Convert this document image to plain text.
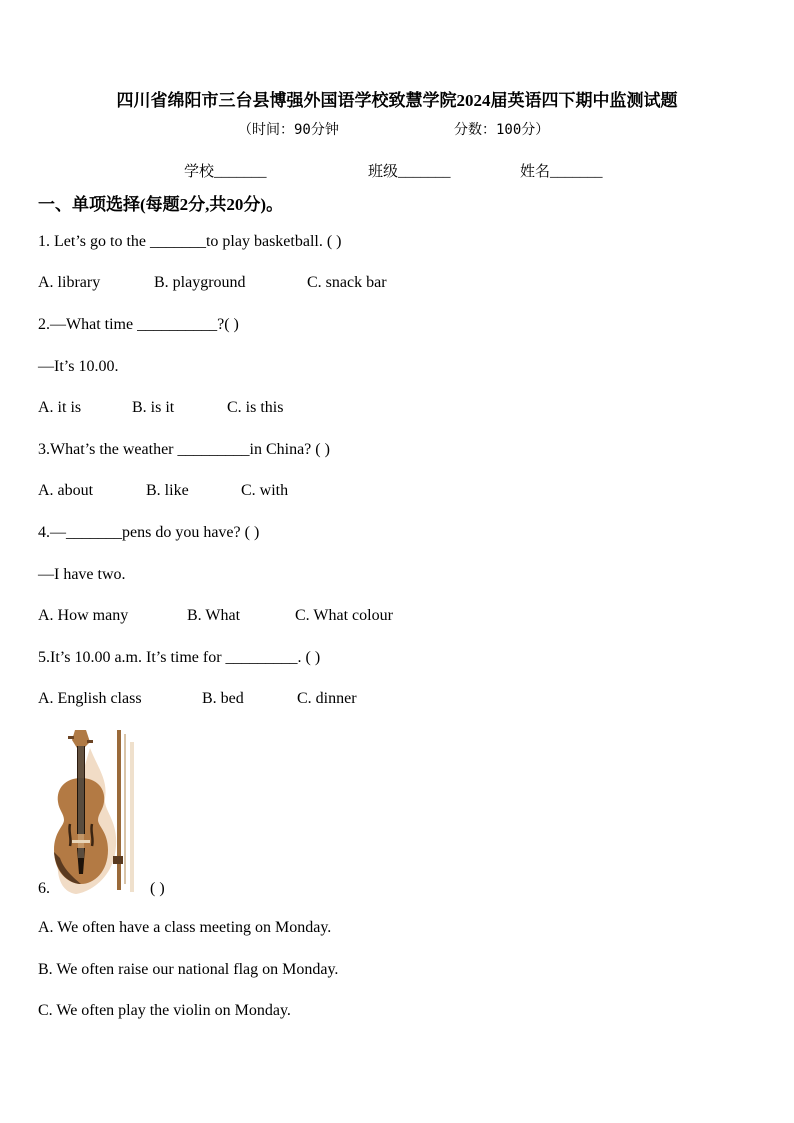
四川省绵阳市三台县博强外国语学校致慧学院2024届英语四下期中监测试题
（时间：90分钟	分数：100分）
学校_______	班级_______	姓名_______
一、单项选择(每题2分,共20分)。
1. Let’s go to the _______to play basketball. ( )
A. library	B. playground	C. snack bar
2.—What time __________?( )
—It’s 10.00.
A. it is	B. is it	C. is this
3.What’s the weather _________in China? ( )
A. about	B. like	C. with
4.—_______pens do you have? ( )
—I have two.
A. How many	B. What	C. What colour
5.It’s 10.00 a.m. It’s time for _________. ( )
A. English class	B. bed	C. dinner
6.	( )
A. We often have a class meeting on Monday.
B. We often raise our national flag on Monday.
C. We often play the violin on Monday.
